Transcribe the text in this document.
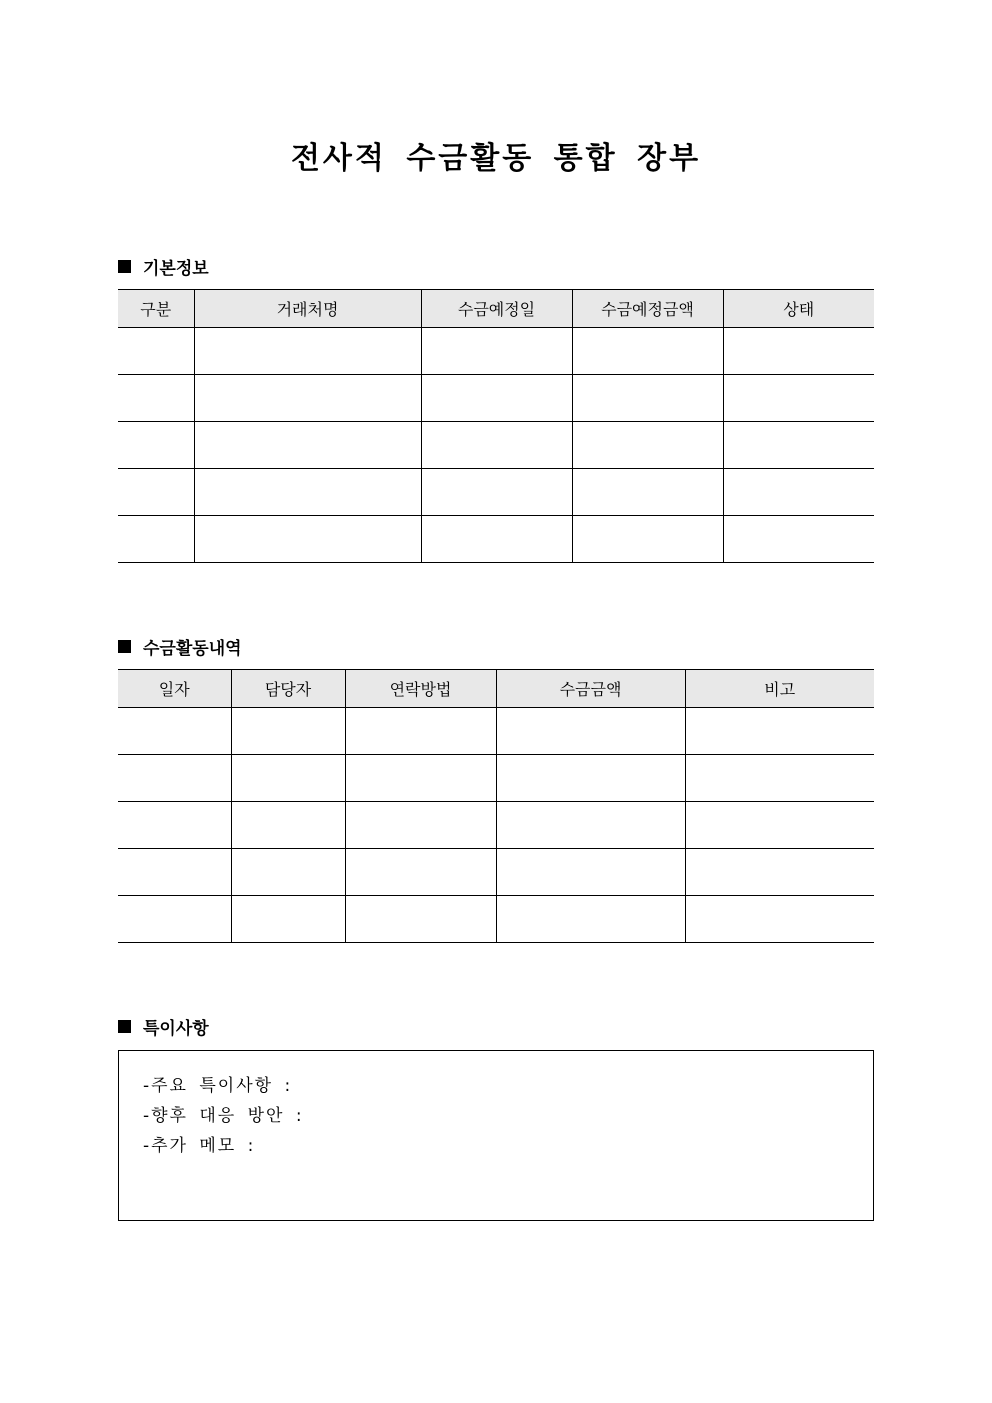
전사적 수금활동 통합 장부
기본정보
구분	거래처명	수금예정일	수금예정금액	상태

수금활동내역
일자	담당자	연락방법	수금금액	비고

특이사항
-주요 특이사항 :
-향후 대응 방안 :
-추가 메모 :
